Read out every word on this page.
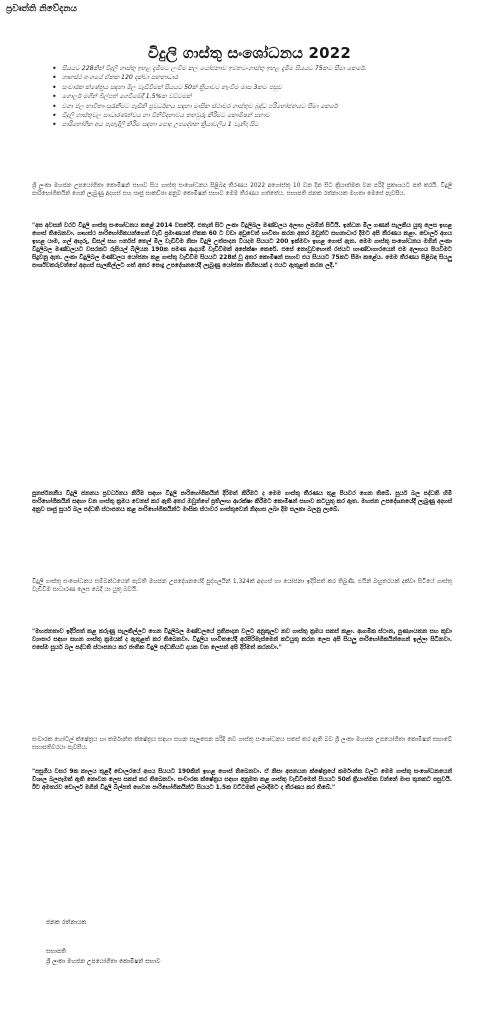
ප්‍රවෘත්ති නිවේදනය
විදුලි ගාස්තු සංශෝධනය 2022
• සියයට 228කින් විදුලි ගාස්තු ඉහළ දැමීමට ලංවිම කල යෝජනාව ඉවතට-ගාස්තු ඉහළ දැමීම සියයට 75කට සීමා කෙරේ.
• ගෘහස්ථ අංශයේ ඒකක 120 දක්වා සහනාධාර
• සංචාරක ක්ෂේත්‍රය සඳහා මිල වැඩිවීමක් සියයට 50ක් ක්‍රියාවට නැංවීම මාස 3කට පසුව
• ගොලර් මගින් බිල්පත් ගෙවීමේදී 1.5%ක වට්ටමක්
• වගා ජල භාවිතා සුරැකීමට පැඩිකි ප්‍රවර්ධනය සඳහා මාසික ස්ථාවර ගාස්තුව බුද්ධ පරිභෝජනයට සීමා කෙරේ
• විදුලි ගාස්තුවල සාධාරණත්වය හා විනිවිදභාවය තහවුරු කිරීමට කොමිෂන් සභාව
• පාරිභෝගික අය පැහැදිලි කිරීම සඳහා පොදු උපදේශන ක්‍රියාවලිය 1 වැනිදා සිට

ශ්‍රී ලංකා මහජන උපයෝගිතා කොමිෂන් සභාව සිය ගාස්තු සංශෝධනය පිළිබඳ තීරණය 2022 අගෝස්තු 10 වන දින සිට ක්‍රියාත්මක වන පරිදි ප්‍රකාශයට පත් කරයි. විදුලි පාරිභෝගිකයින් ගෙන් ලැබුණු අදහස් සහ සෘජු සාකච්ඡා අනුව කොමිෂන් සභාව මෙම තීරණය ගත්තේය. සභාපති ජනක රත්නායක මහතා මෙසේ පැවසීය.

"අප අවසන් වරට විදුලි ගාස්තු සංශෝධනය කළේ 2014 වසරේදී. එතැන් සිට ලංකා විදුලිබල මණ්ඩලය අලාභ ලබමින් සිටියි. ඉන්ධන මිල ගණන් සැලකිය යුතු ලෙස ඉහළ ගොස් තිබෙනවා. ගෘහස්ථ පාරිභෝගිකයන්ගෙන් වැඩි ප්‍රමාණයක් ඒකක 60 ට වඩා අඩුවෙන් භාවිතා කරන අතර ඔවුන්ට සහනාධාර දීමට අපි තීරණය කළා. ඩොලර් අගය ඉහළ යාම, ගල් අඟුරු, ඩීසල් සහ ෆර්නස් තෙල් මිල වැඩිවීම නිසා විදුලි උත්පාදන වියදම සියයට 200 ඉක්මවා ඉහළ ගොස් ඇත. මෙම ගාස්තු සංශෝධනය මගින් ලංකා විදුලිබල මණ්ඩලයට වසරකට රුපියල් බිලියන 190ක පමණ ආදායම් වැඩිවීමක් අපේක්ෂා කෙරේ. එසේ නොවුවහොත් රජයට භාණ්ඩාගාරයෙන් එම අලාභය පියවීමට සිදුවනු ඇත. ලංකා විදුලිබල මණ්ඩලය යෝජනා කළ ගාස්තු වැඩිවීම සියයට 228ක් වූ අතර කොමිෂන් සභාව එය සියයට 75කට සීමා කළේය. මෙම තීරණය පිළිබඳ සියලු පාර්ශ්වකරුවන්ගේ අදහස් සැලකිල්ලට ගත් අතර පොදු උපදේශනයේදී ලැබුණු යෝජනා කිහිපයක් ද එයට ඇතුළත් කරන ලදී."

පුනර්ජනනීය විදුලි ජනනය ප්‍රවර්ධනය කිරීම සඳහා විදුලි පාරිභෝගිකයින් දිරිමත් කිරීමට ද මෙම ගාස්තු තීරණය තුළ පියවර ගෙන තිබේ. සූර්ය බල පද්ධති හිමි පාරිභෝගිකයින් සඳහා වන ගාස්තු ක්‍රමය වෙනස් කර ඇති අතර ඔවුන්ගේ ප්‍රතිලාභ ආරක්ෂා කිරීමට කොමිෂන් සභාව කටයුතු කර ඇත. මහජන උපදේශනයේදී ලැබුණු අදහස් අනුව සෘජු සූර්ය බල පද්ධති ස්ථාපනය කළ පාරිභෝගිකයින්ට මාසික ස්ථාවර ගාස්තුවෙන් නිදහස ලබා දීම සලකා බලනු ලැබේ.

විදුලි ගාස්තු සංශෝධනය සම්බන්ධයෙන් පැවති මහජන උපදේශනයේදී පුද්ගලයින් 1,324ක් අදහස් හා යෝජනා ඉදිරිපත් කර තිබුණි. එයින් බහුතරයක් දක්වා සිටියේ ගාස්තු වැඩිවීම සාධාරණ ලෙස බෙදී යා යුතු බවයි.

"මහජනතාව ඉදිරිපත් කළ කරුණු සැලකිල්ලට ගෙන විදුලිබල මණ්ඩලයේ ප්‍රතිපාදන වලට අනුකූලව නව ගාස්තු ක්‍රමය සකස් කළා. ආගමික ස්ථාන, පුණ්‍යායතන සහ කුඩා ව්‍යාපාර සඳහා සහන ගාස්තු ක්‍රමයක් ද ඇතුළත් කර තිබෙනවා. විදුලිය භාවිතයේදී අරපිරිමැස්මෙන් කටයුතු කරන ලෙස අපි සියලු පාරිභෝගිකයින්ගෙන් ඉල්ලා සිටිනවා. එසේම සූර්ය බල පද්ධති ස්ථාපනය කර ජාතික විදුලි පද්ධතියට දායක වන ලෙසත් අපි දිරිමත් කරනවා."

සංචාරක හෝටල් ක්ෂේත්‍රය හා කර්මාන්ත ක්ෂේත්‍රය සඳහා සහන සැලසෙන පරිදි නව ගාස්තු සංශෝධනය සකස් කර ඇති බව ශ්‍රී ලංකා මහජන උපයෝගිතා කොමිෂන් සභාවේ සභාපතිවරයා පැවසීය.

"පසුගිය වසර 9ක කාලය තුළදී ඩොලරයේ අගය සියයට 190කින් ඉහළ ගොස් තිබෙනවා. ඒ නිසා අපනයන ක්ෂේත්‍රයේ කර්මාන්ත වලට මෙම ගාස්තු සංශෝධනයෙන් විශාල බලපෑමක් ඇති නොවන ලෙස සකස් කර තිබෙනවා. සංචාරක ක්ෂේත්‍රය සඳහා අනුමත කළ ගාස්තු වැඩිවීමෙන් සියයට 50ක් ක්‍රියාත්මක වන්නේ මාස තුනකට පසුවයි. ඊට අමතරව ඩොලර් මගින් විදුලි බිල්පත් ගෙවන පාරිභෝගිකයින්ට සියයට 1.5ක වට්ටමක් ලබාදීමට ද තීරණය කර තිබේ."

ජනක රත්නායක
සභාපති
ශ්‍රී ලංකා මහජන උපයෝගිතා කොමිෂන් සභාව
